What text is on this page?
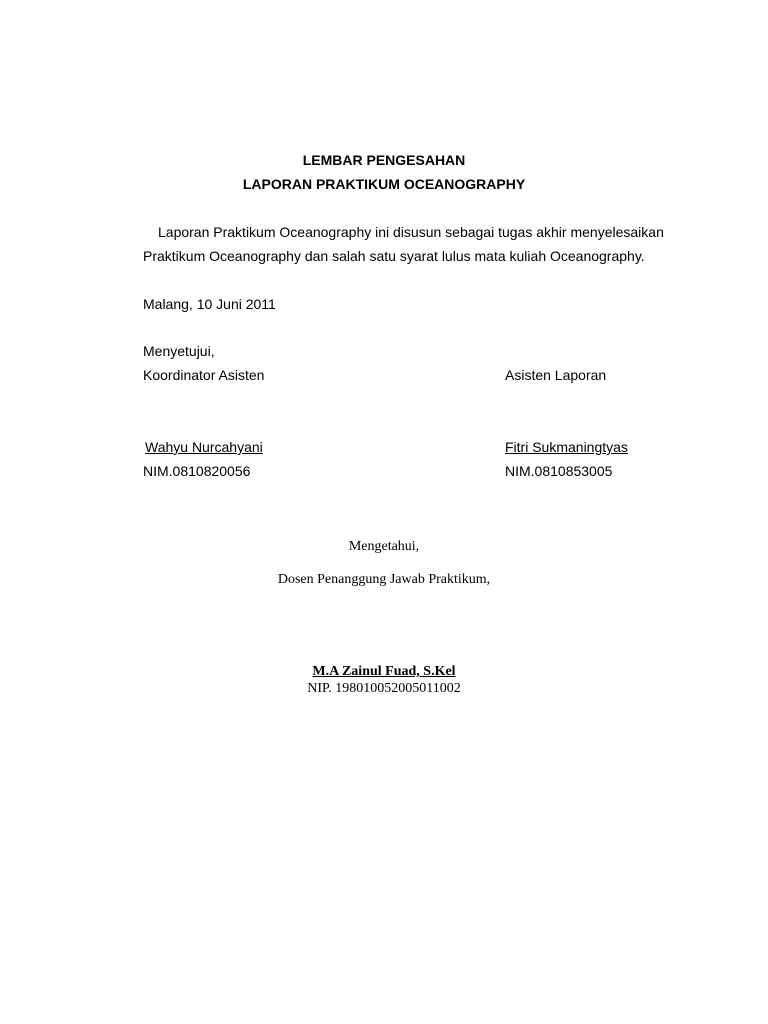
LEMBAR PENGESAHAN
LAPORAN PRAKTIKUM OCEANOGRAPHY
Laporan Praktikum Oceanography ini disusun sebagai tugas akhir menyelesaikan
Praktikum Oceanography dan salah satu syarat lulus mata kuliah Oceanography.
Malang, 10 Juni 2011
Menyetujui,
Koordinator Asisten	Asisten Laporan
Wahyu Nurcahyani	Fitri Sukmaningtyas
NIM.0810820056	NIM.0810853005
Mengetahui,
Dosen Penanggung Jawab Praktikum,
M.A Zainul Fuad, S.Kel
NIP. 198010052005011002
